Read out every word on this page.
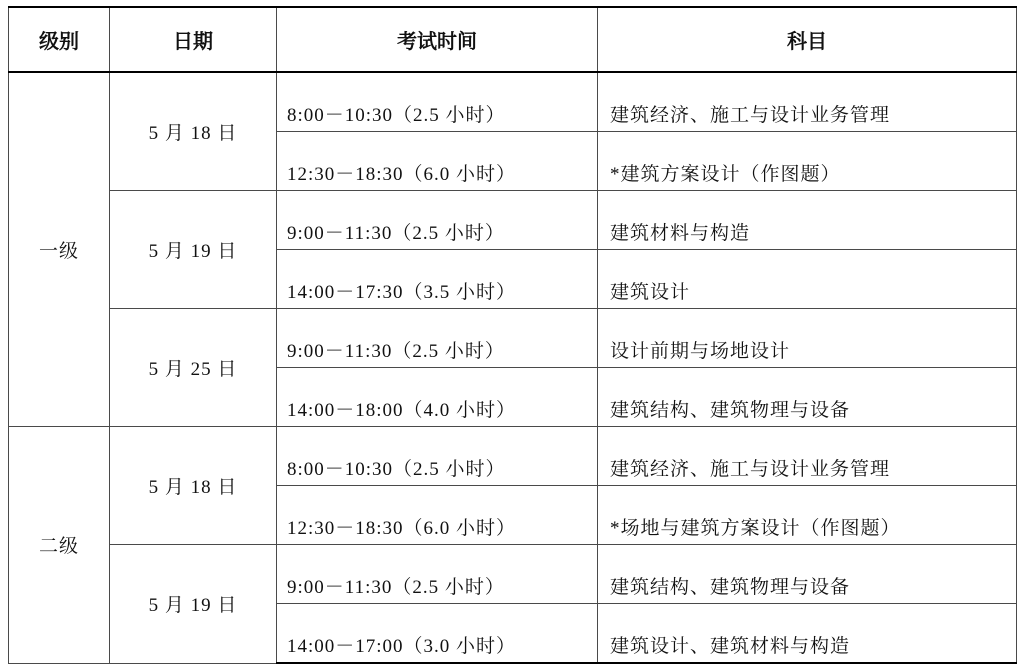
级别	日期	考试时间	科目
一级	5 月 18 日	8:00－10:30（2.5 小时）	建筑经济、施工与设计业务管理
		12:30－18:30（6.0 小时）	*建筑方案设计（作图题）
	5 月 19 日	9:00－11:30（2.5 小时）	建筑材料与构造
		14:00－17:30（3.5 小时）	建筑设计
	5 月 25 日	9:00－11:30（2.5 小时）	设计前期与场地设计
		14:00－18:00（4.0 小时）	建筑结构、建筑物理与设备
二级	5 月 18 日	8:00－10:30（2.5 小时）	建筑经济、施工与设计业务管理
		12:30－18:30（6.0 小时）	*场地与建筑方案设计（作图题）
	5 月 19 日	9:00－11:30（2.5 小时）	建筑结构、建筑物理与设备
		14:00－17:00（3.0 小时）	建筑设计、建筑材料与构造
